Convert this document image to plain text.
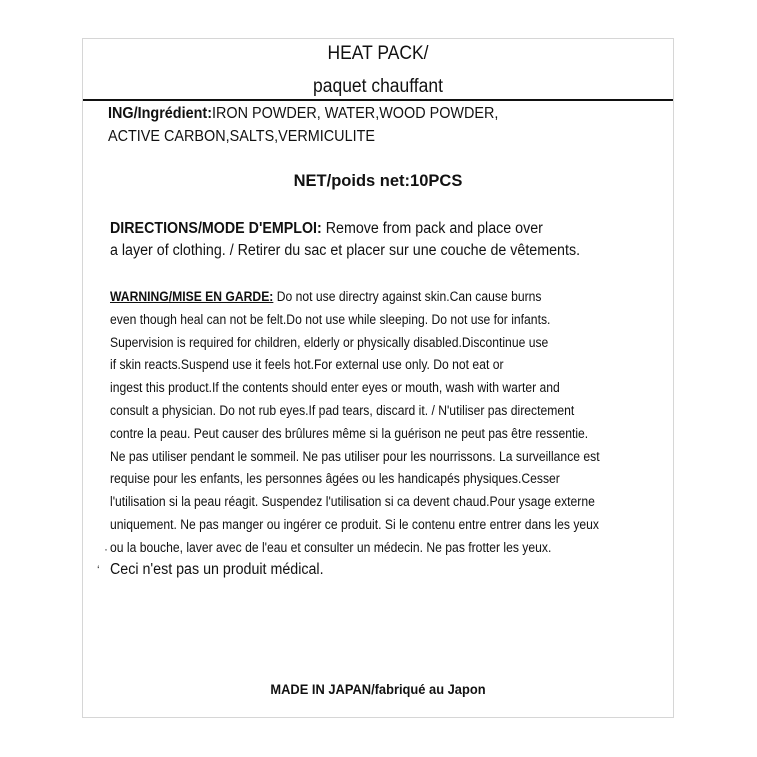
HEAT PACK/
paquet chauffant
ING/Ingrédient:IRON POWDER, WATER,WOOD POWDER,
ACTIVE CARBON,SALTS,VERMICULITE
NET/poids net:10PCS
DIRECTIONS/MODE D'EMPLOI: Remove from pack and place over
a layer of clothing. / Retirer du sac et placer sur une couche de vêtements.
WARNING/MISE EN GARDE: Do not use directry against skin.Can cause burns
even though heal can not be felt.Do not use while sleeping. Do not use for infants.
Supervision is required for children, elderly or physically disabled.Discontinue use
if skin reacts.Suspend use it feels hot.For external use only. Do not eat or
ingest this product.If the contents should enter eyes or mouth, wash with warter and
consult a physician. Do not rub eyes.If pad tears, discard it. / N'utiliser pas directement
contre la peau. Peut causer des brûlures même si la guérison ne peut pas être ressentie.
Ne pas utiliser pendant le sommeil. Ne pas utiliser pour les nourrissons. La surveillance est
requise pour les enfants, les personnes âgées ou les handicapés physiques.Cesser
l'utilisation si la peau réagit. Suspendez l'utilisation si ca devent chaud.Pour ysage externe
uniquement. Ne pas manger ou ingérer ce produit. Si le contenu entre entrer dans les yeux
ou la bouche, laver avec de l'eau et consulter un médecin. Ne pas frotter les yeux.
·
‘ Ceci n'est pas un produit médical.
MADE IN JAPAN/fabriqué au Japon
